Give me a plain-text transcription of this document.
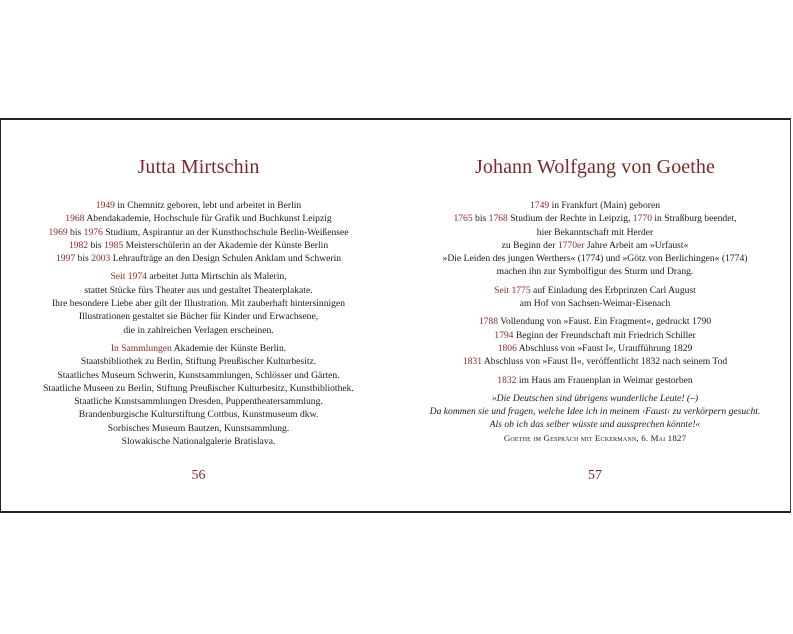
Jutta Mirtschin

1949 in Chemnitz geboren, lebt und arbeitet in Berlin
1968 Abendakademie, Hochschule für Grafik und Buchkunst Leipzig
1969 bis 1976 Studium, Aspirantur an der Kunsthochschule Berlin-Weißensee
1982 bis 1985 Meisterschülerin an der Akademie der Künste Berlin
1997 bis 2003 Lehraufträge an den Design Schulen Anklam und Schwerin

Seit 1974 arbeitet Jutta Mirtschin als Malerin,
stattet Stücke fürs Theater aus und gestaltet Theaterplakate.
Ihre besondere Liebe aber gilt der Illustration. Mit zauberhaft hintersinnigen
Illustrationen gestaltet sie Bücher für Kinder und Erwachsene,
die in zahlreichen Verlagen erscheinen.

In Sammlungen Akademie der Künste Berlin.
Staatsbibliothek zu Berlin, Stiftung Preußischer Kulturbesitz.
Staatliches Museum Schwerin, Kunstsammlungen, Schlösser und Gärten.
Staatliche Museen zu Berlin, Stiftung Preußischer Kulturbesitz, Kunstbibliothek.
Staatliche Kunstsammlungen Dresden, Puppentheatersammlung.
Brandenburgische Kulturstiftung Cottbus, Kunstmuseum dkw.
Sorbisches Museum Bautzen, Kunstsammlung.
Slowakische Nationalgalerie Bratislava.

56
Johann Wolfgang von Goethe

1749 in Frankfurt (Main) geboren
1765 bis 1768 Studium der Rechte in Leipzig, 1770 in Straßburg beendet,
hier Bekanntschaft mit Herder
zu Beginn der 1770er Jahre Arbeit am »Urfaust«
»Die Leiden des jungen Werthers« (1774) und »Götz von Berlichingen« (1774)
machen ihn zur Symbolfigur des Sturm und Drang.

Seit 1775 auf Einladung des Erbprinzen Carl August
am Hof von Sachsen-Weimar-Eisenach

1788 Vollendung von »Faust. Ein Fragment«, gedruckt 1790
1794 Beginn der Freundschaft mit Friedrich Schiller
1806 Abschluss von »Faust I«, Uraufführung 1829
1831 Abschluss von »Faust II«, veröffentlicht 1832 nach seinem Tod

1832 im Haus am Frauenplan in Weimar gestorben

»Die Deutschen sind übrigens wunderliche Leute! (–)
Da kommen sie und fragen, welche Idee ich in meinem ›Faust‹ zu verkörpern gesucht.
Als ob ich das selber wüsste und aussprechen könnte!«
Goethe im Gespräch mit Eckermann, 6. Mai 1827

57
